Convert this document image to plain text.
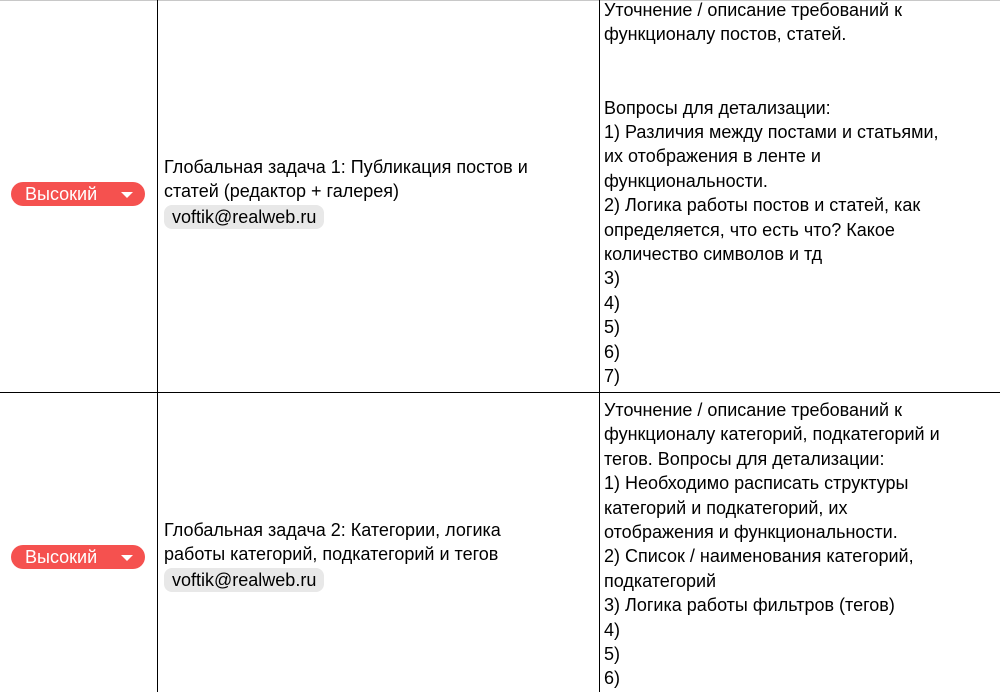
Высокий
Глобальная задача 1: Публикация постов и
статей (редактор + галерея)
voftik@realweb.ru
Уточнение / описание требований к
функционалу постов, статей.

Вопросы для детализации:
1) Различия между постами и статьями,
их отображения в ленте и
функциональности.
2) Логика работы постов и статей, как
определяется, что есть что? Какое
количество символов и тд
3)
4)
5)
6)
7)
Высокий
Глобальная задача 2: Категории, логика
работы категорий, подкатегорий и тегов
voftik@realweb.ru
Уточнение / описание требований к
функционалу категорий, подкатегорий и
тегов. Вопросы для детализации:
1) Необходимо расписать структуры
категорий и подкатегорий, их
отображения и функциональности.
2) Список / наименования категорий,
подкатегорий
3) Логика работы фильтров (тегов)
4)
5)
6)
